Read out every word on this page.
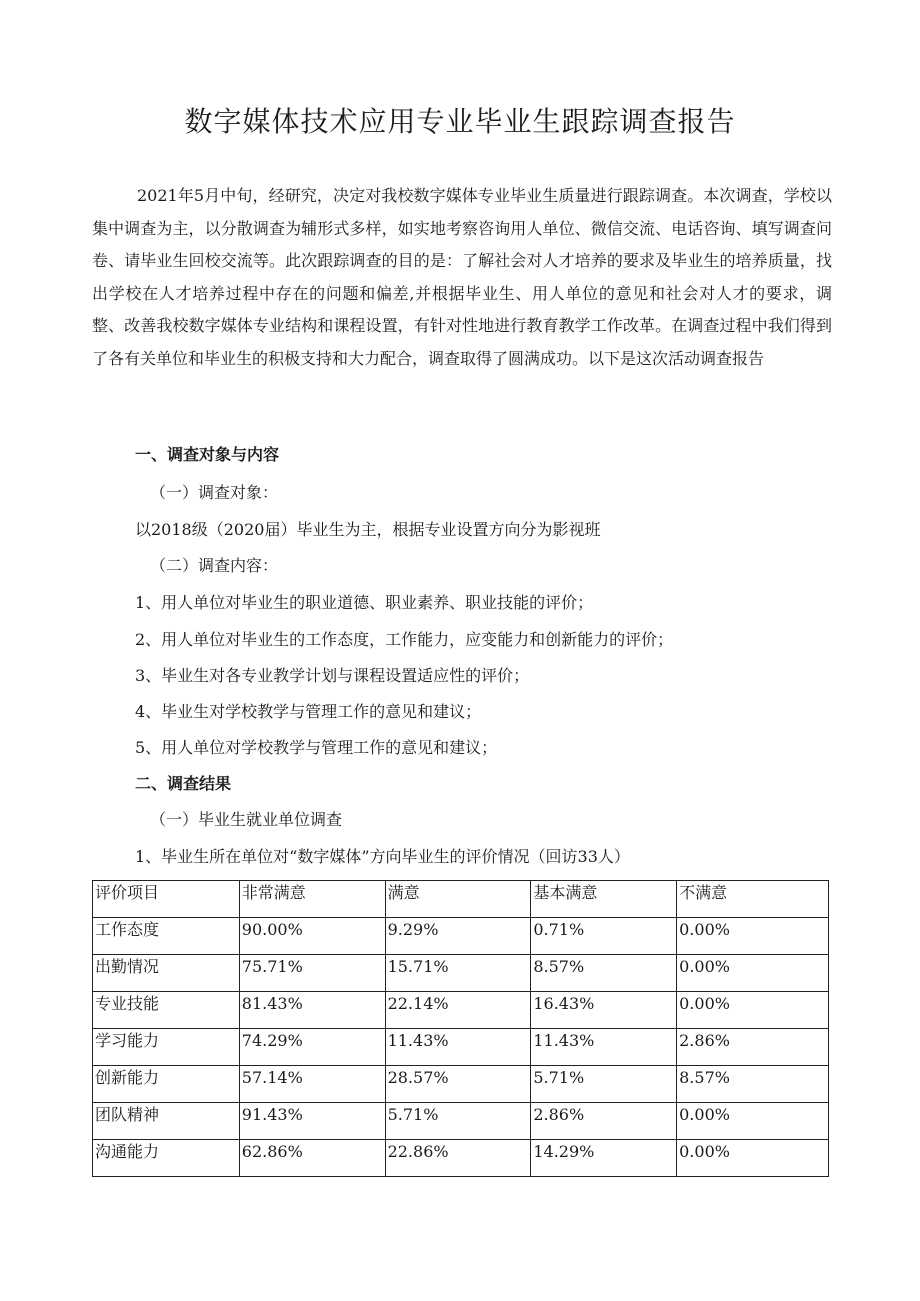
数字媒体技术应用专业毕业生跟踪调查报告

2021年5月中旬，经研究，决定对我校数字媒体专业毕业生质量进行跟踪调查。本次调查，学校以集中调查为主，以分散调查为辅形式多样，如实地考察咨询用人单位、微信交流、电话咨询、填写调查问卷、请毕业生回校交流等。此次跟踪调查的目的是：了解社会对人才培养的要求及毕业生的培养质量，找出学校在人才培养过程中存在的问题和偏差,并根据毕业生、用人单位的意见和社会对人才的要求，调整、改善我校数字媒体专业结构和课程设置，有针对性地进行教育教学工作改革。在调查过程中我们得到了各有关单位和毕业生的积极支持和大力配合，调查取得了圆满成功。以下是这次活动调查报告

一、调查对象与内容

（一）调查对象：

以2018级（2020届）毕业生为主，根据专业设置方向分为影视班

（二）调查内容：

1、用人单位对毕业生的职业道德、职业素养、职业技能的评价；

2、用人单位对毕业生的工作态度，工作能力，应变能力和创新能力的评价；

3、毕业生对各专业教学计划与课程设置适应性的评价；

4、毕业生对学校教学与管理工作的意见和建议；

5、用人单位对学校教学与管理工作的意见和建议；

二、调查结果

（一）毕业生就业单位调查

1、毕业生所在单位对“数字媒体”方向毕业生的评价情况（回访33人）

评价项目	非常满意	满意	基本满意	不满意
工作态度	90.00%	9.29%	0.71%	0.00%
出勤情况	75.71%	15.71%	8.57%	0.00%
专业技能	81.43%	22.14%	16.43%	0.00%
学习能力	74.29%	11.43%	11.43%	2.86%
创新能力	57.14%	28.57%	5.71%	8.57%
团队精神	91.43%	5.71%	2.86%	0.00%
沟通能力	62.86%	22.86%	14.29%	0.00%
